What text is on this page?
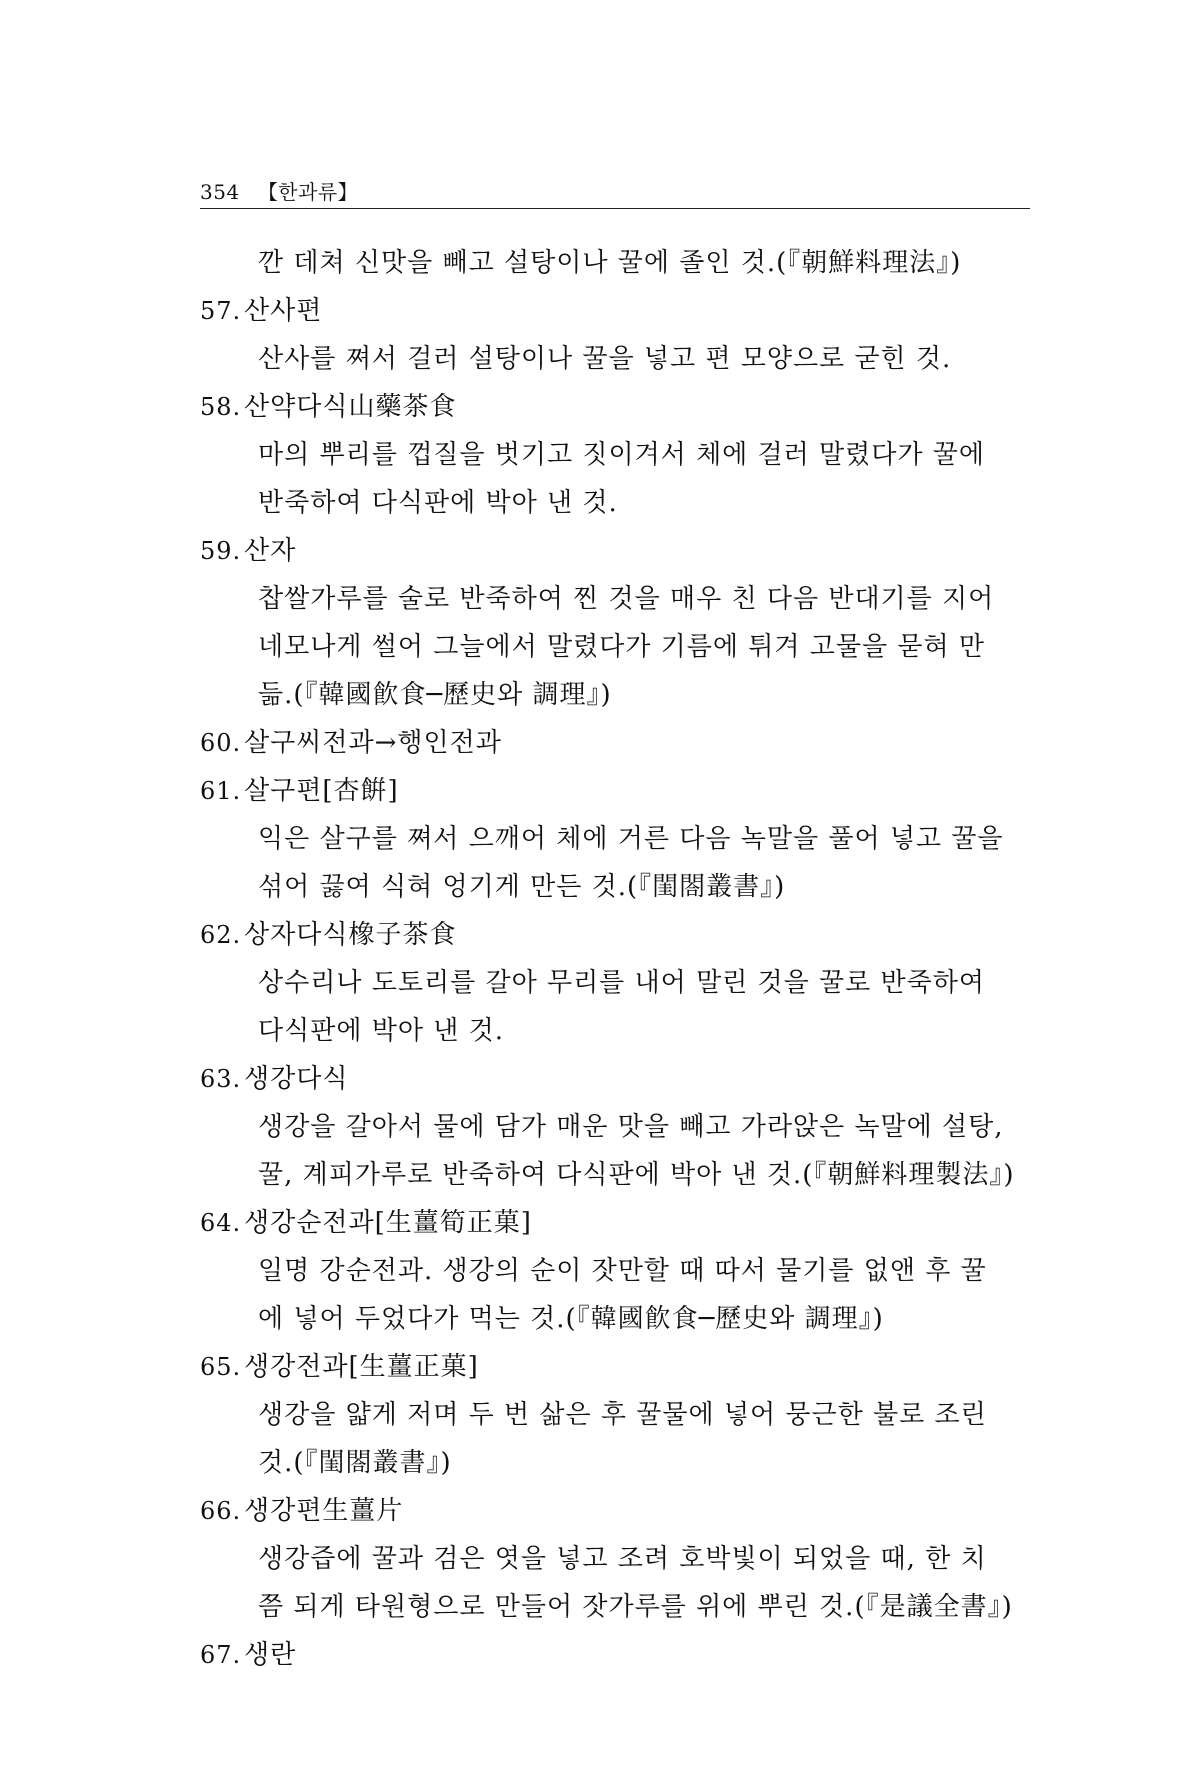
354 【한과류】
깐 데쳐 신맛을 빼고 설탕이나 꿀에 졸인 것.(『朝鮮料理法』)
57. 산사편
산사를 쪄서 걸러 설탕이나 꿀을 넣고 편 모양으로 굳힌 것.
58. 산약다식山藥茶食
마의 뿌리를 껍질을 벗기고 짓이겨서 체에 걸러 말렸다가 꿀에
반죽하여 다식판에 박아 낸 것.
59. 산자
찹쌀가루를 술로 반죽하여 찐 것을 매우 친 다음 반대기를 지어
네모나게 썰어 그늘에서 말렸다가 기름에 튀겨 고물을 묻혀 만
듦.(『韓國飮食─歷史와 調理』)
60. 살구씨전과→행인전과
61. 살구편[杏餠]
익은 살구를 쪄서 으깨어 체에 거른 다음 녹말을 풀어 넣고 꿀을
섞어 끓여 식혀 엉기게 만든 것.(『閨閤叢書』)
62. 상자다식橡子茶食
상수리나 도토리를 갈아 무리를 내어 말린 것을 꿀로 반죽하여
다식판에 박아 낸 것.
63. 생강다식
생강을 갈아서 물에 담가 매운 맛을 빼고 가라앉은 녹말에 설탕,
꿀, 계피가루로 반죽하여 다식판에 박아 낸 것.(『朝鮮料理製法』)
64. 생강순전과[生薑筍正菓]
일명 강순전과. 생강의 순이 잣만할 때 따서 물기를 없앤 후 꿀
에 넣어 두었다가 먹는 것.(『韓國飮食─歷史와 調理』)
65. 생강전과[生薑正菓]
생강을 얇게 저며 두 번 삶은 후 꿀물에 넣어 뭉근한 불로 조린
것.(『閨閤叢書』)
66. 생강편生薑片
생강즙에 꿀과 검은 엿을 넣고 조려 호박빛이 되었을 때, 한 치
쯤 되게 타원형으로 만들어 잣가루를 위에 뿌린 것.(『是議全書』)
67. 생란
